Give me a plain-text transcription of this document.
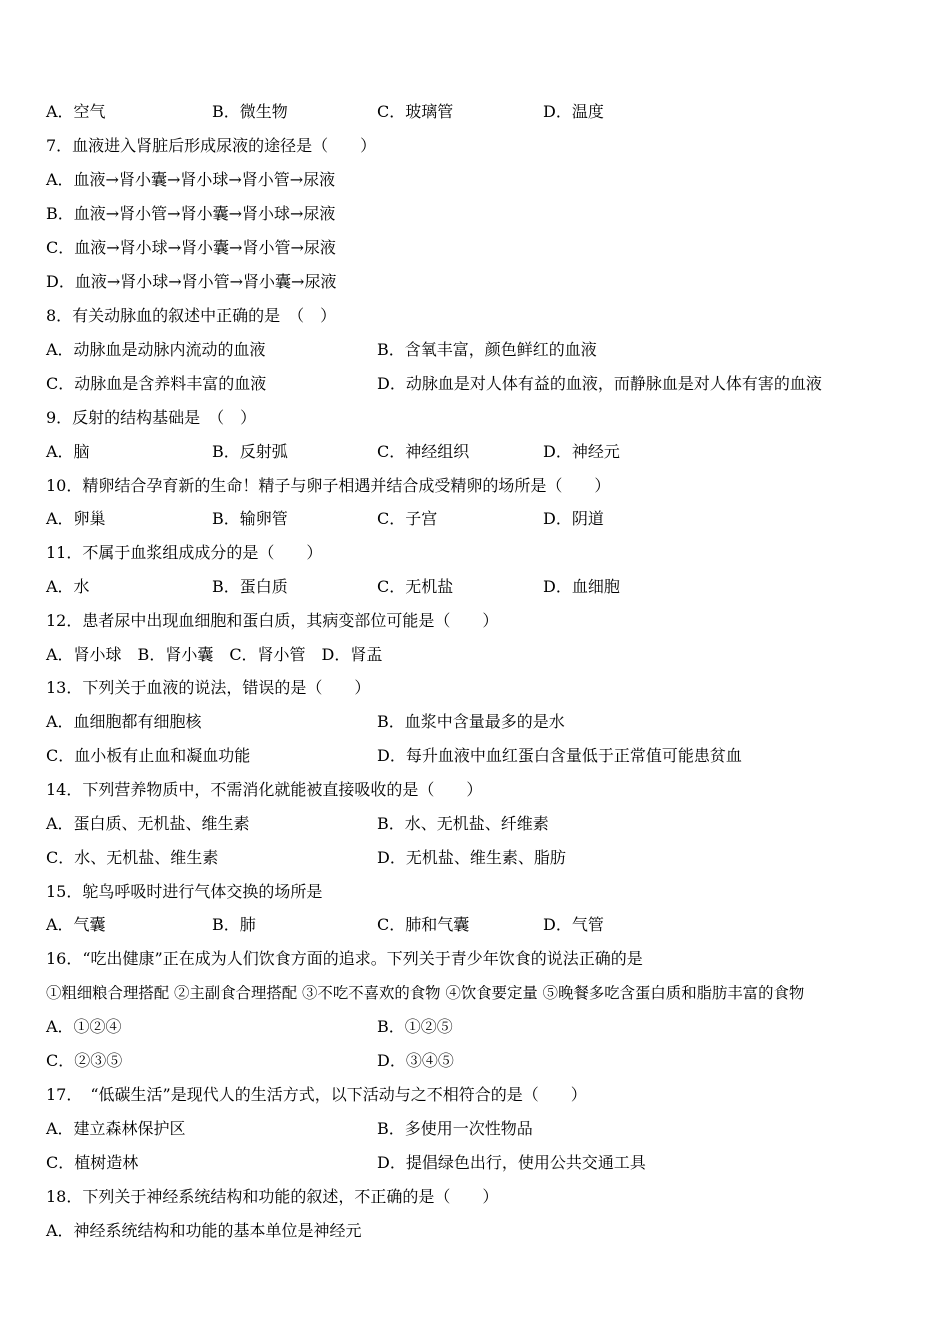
A．空气	B．微生物	C．玻璃管	D．温度
7．血液进入肾脏后形成尿液的途径是（　　）
A．血液→肾小囊→肾小球→肾小管→尿液
B．血液→肾小管→肾小囊→肾小球→尿液
C．血液→肾小球→肾小囊→肾小管→尿液
D．血液→肾小球→肾小管→肾小囊→尿液
8．有关动脉血的叙述中正确的是　（　）
A．动脉血是动脉内流动的血液	B．含氧丰富，颜色鲜红的血液
C．动脉血是含养料丰富的血液	D．动脉血是对人体有益的血液，而静脉血是对人体有害的血液
9．反射的结构基础是　（　）
A．脑	B．反射弧	C．神经组织	D．神经元
10．精卵结合孕育新的生命！精子与卵子相遇并结合成受精卵的场所是（　　）
A．卵巢	B．输卵管	C．子宫	D．阴道
11．不属于血浆组成成分的是（　　）
A．水	B．蛋白质	C．无机盐	D．血细胞
12．患者尿中出现血细胞和蛋白质，其病变部位可能是（　　）
A．肾小球　B．肾小囊　C．肾小管　D．肾盂
13．下列关于血液的说法，错误的是（　　）
A．血细胞都有细胞核	B．血浆中含量最多的是水
C．血小板有止血和凝血功能	D．每升血液中血红蛋白含量低于正常值可能患贫血
14．下列营养物质中，不需消化就能被直接吸收的是（　　）
A．蛋白质、无机盐、维生素	B．水、无机盐、纤维素
C．水、无机盐、维生素	D．无机盐、维生素、脂肪
15．鸵鸟呼吸时进行气体交换的场所是
A．气囊	B．肺	C．肺和气囊	D．气管
16．“吃出健康”正在成为人们饮食方面的追求。下列关于青少年饮食的说法正确的是
①粗细粮合理搭配 ②主副食合理搭配 ③不吃不喜欢的食物 ④饮食要定量 ⑤晚餐多吃含蛋白质和脂肪丰富的食物
A．①②④	B．①②⑤
C．②③⑤	D．③④⑤
17．　“低碳生活”是现代人的生活方式，以下活动与之不相符合的是（　　）
A．建立森林保护区	B．多使用一次性物品
C．植树造林	D．提倡绿色出行，使用公共交通工具
18．下列关于神经系统结构和功能的叙述，不正确的是（　　）
A．神经系统结构和功能的基本单位是神经元
